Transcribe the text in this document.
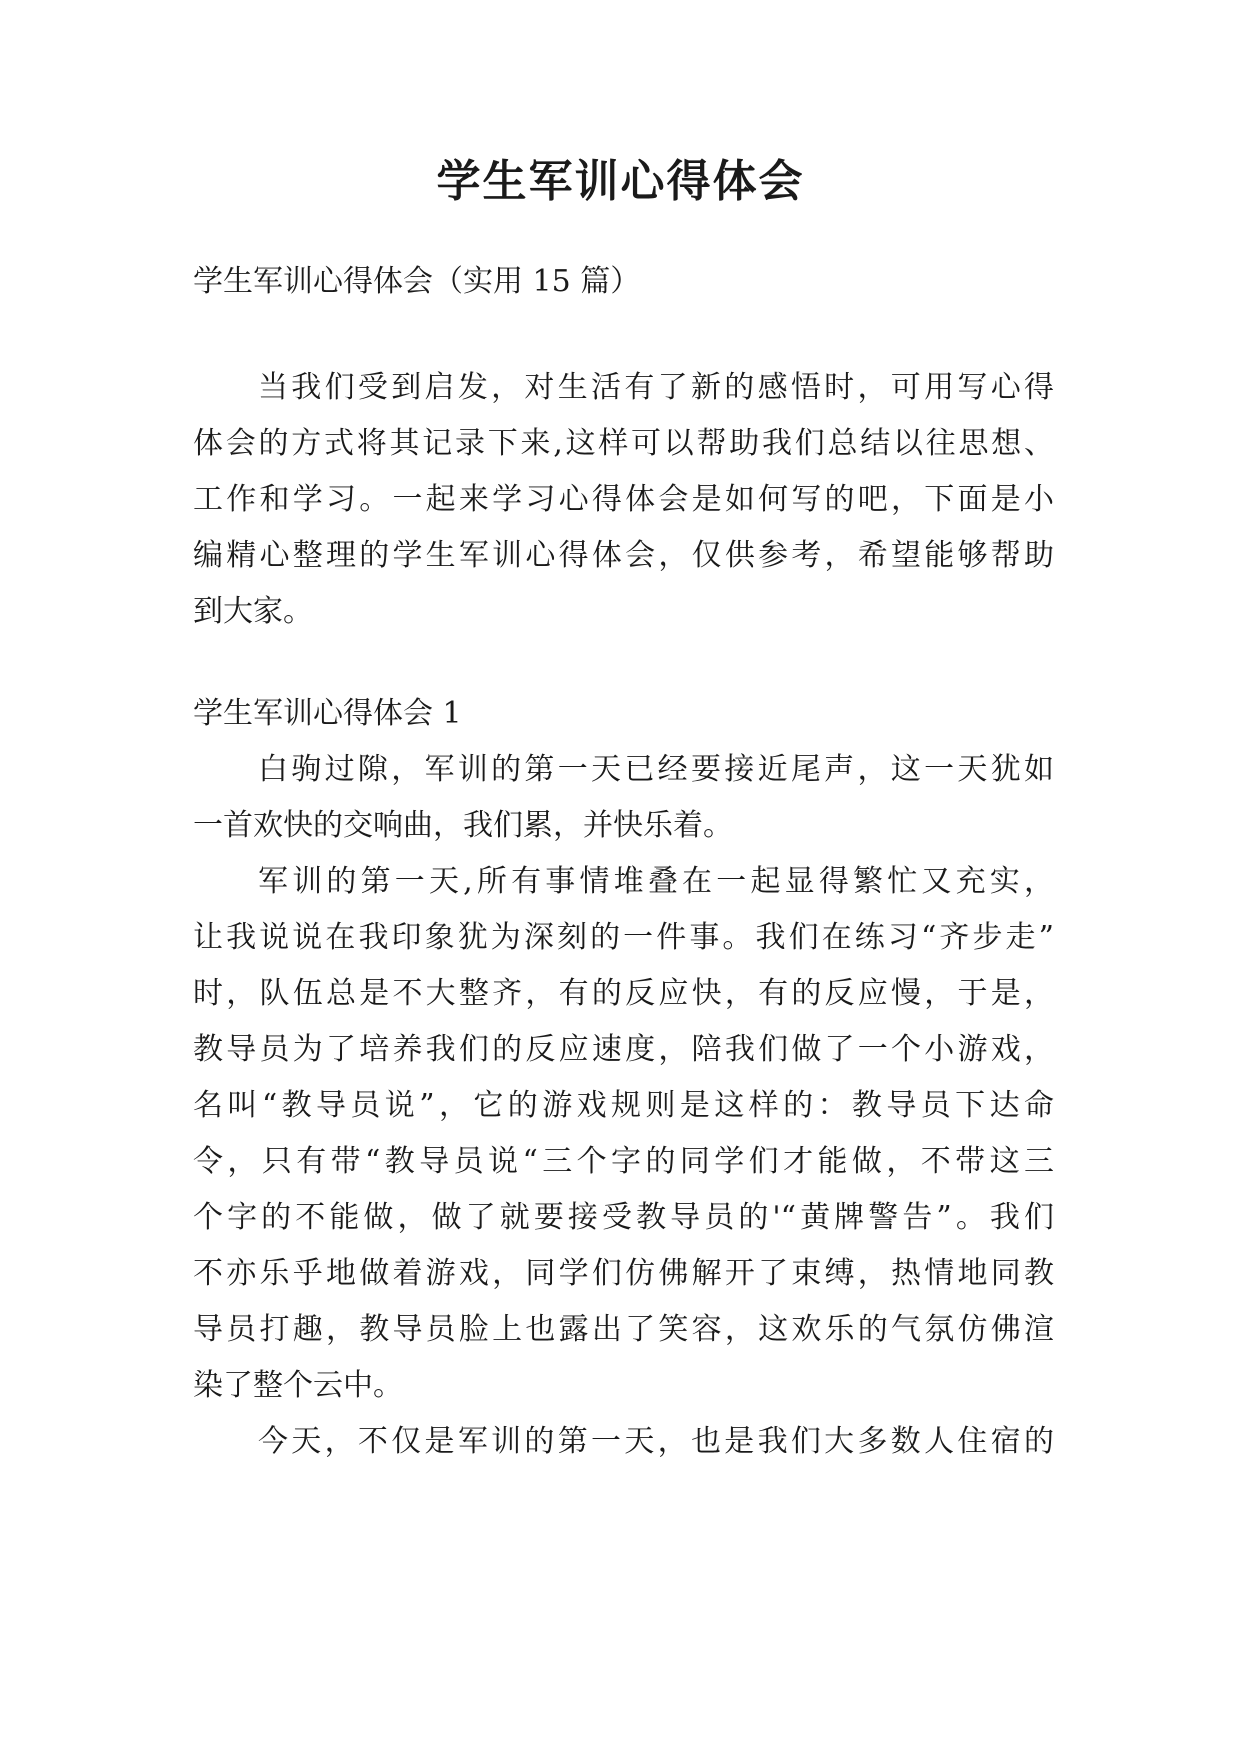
学生军训心得体会
学生军训心得体会（实用 15 篇）
当我们受到启发，对生活有了新的感悟时，可用写心得
体会的方式将其记录下来,这样可以帮助我们总结以往思想、
工作和学习。一起来学习心得体会是如何写的吧，下面是小
编精心整理的学生军训心得体会，仅供参考，希望能够帮助
到大家。
学生军训心得体会 1
白驹过隙，军训的第一天已经要接近尾声，这一天犹如
一首欢快的交响曲，我们累，并快乐着。
军训的第一天,所有事情堆叠在一起显得繁忙又充实，
让我说说在我印象犹为深刻的一件事。我们在练习“齐步走”
时，队伍总是不大整齐，有的反应快，有的反应慢，于是，
教导员为了培养我们的反应速度，陪我们做了一个小游戏，
名叫“教导员说”，它的游戏规则是这样的：教导员下达命
令，只有带“教导员说“三个字的同学们才能做，不带这三
个字的不能做，做了就要接受教导员的'“黄牌警告”。我们
不亦乐乎地做着游戏，同学们仿佛解开了束缚，热情地同教
导员打趣，教导员脸上也露出了笑容，这欢乐的气氛仿佛渲
染了整个云中。
今天，不仅是军训的第一天，也是我们大多数人住宿的
